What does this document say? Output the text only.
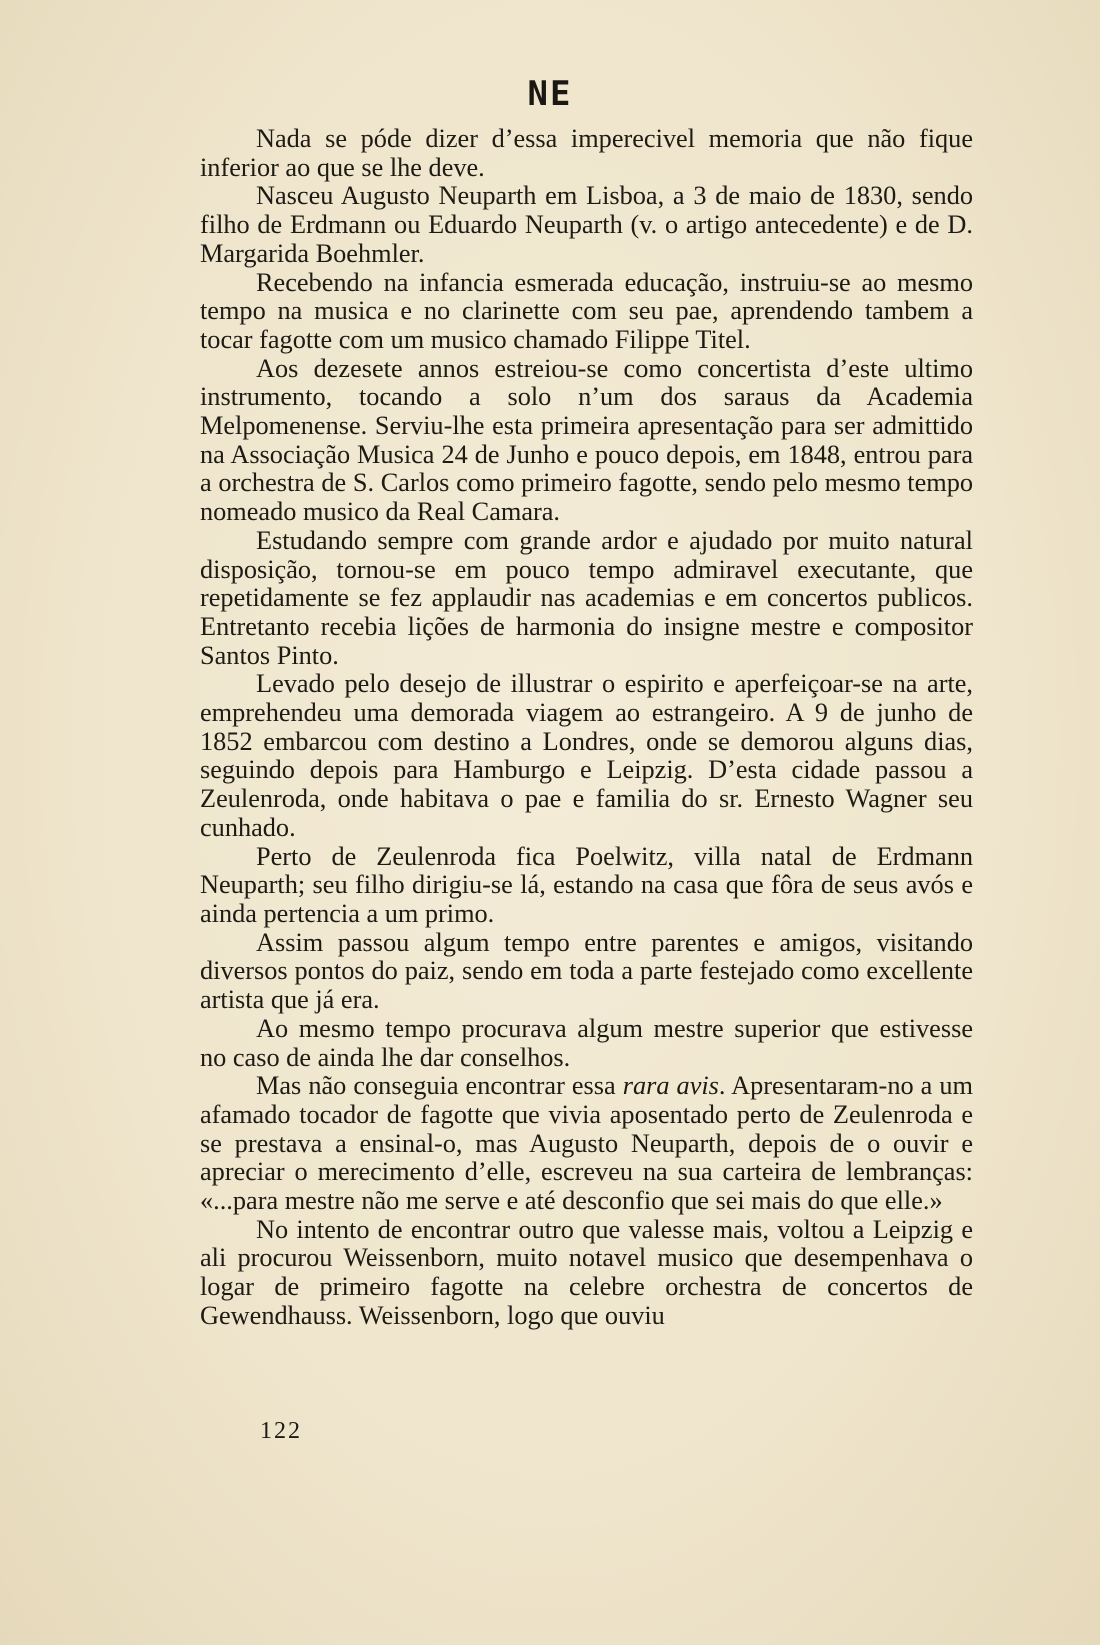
NE

Nada se póde dizer d’essa imperecivel memoria que não fique inferior ao que se lhe deve.

Nasceu Augusto Neuparth em Lisboa, a 3 de maio de 1830, sendo filho de Erdmann ou Eduardo Neuparth (v. o artigo antecedente) e de D. Margarida Boehmler.

Recebendo na infancia esmerada educação, instruiu-se ao mesmo tempo na musica e no clarinette com seu pae, aprendendo tambem a tocar fagotte com um musico chamado Filippe Titel.

Aos dezesete annos estreiou-se como concertista d’este ultimo instrumento, tocando a solo n’um dos saraus da Academia Melpomenense. Serviu-lhe esta primeira apresentação para ser admittido na Associação Musica 24 de Junho e pouco depois, em 1848, entrou para a orchestra de S. Carlos como primeiro fagotte, sendo pelo mesmo tempo nomeado musico da Real Camara.

Estudando sempre com grande ardor e ajudado por muito natural disposição, tornou-se em pouco tempo admiravel executante, que repetidamente se fez applaudir nas academias e em concertos publicos. Entretanto recebia lições de harmonia do insigne mestre e compositor Santos Pinto.

Levado pelo desejo de illustrar o espirito e aperfeiçoar-se na arte, emprehendeu uma demorada viagem ao estrangeiro. A 9 de junho de 1852 embarcou com destino a Londres, onde se demorou alguns dias, seguindo depois para Hamburgo e Leipzig. D’esta cidade passou a Zeulenroda, onde habitava o pae e familia do sr. Ernesto Wagner seu cunhado.

Perto de Zeulenroda fica Poelwitz, villa natal de Erdmann Neuparth; seu filho dirigiu-se lá, estando na casa que fôra de seus avós e ainda pertencia a um primo.

Assim passou algum tempo entre parentes e amigos, visitando diversos pontos do paiz, sendo em toda a parte festejado como excellente artista que já era.

Ao mesmo tempo procurava algum mestre superior que estivesse no caso de ainda lhe dar conselhos.

Mas não conseguia encontrar essa rara avis. Apresentaram-no a um afamado tocador de fagotte que vivia aposentado perto de Zeulenroda e se prestava a ensinal-o, mas Augusto Neuparth, depois de o ouvir e apreciar o merecimento d’elle, escreveu na sua carteira de lembranças: «...para mestre não me serve e até desconfio que sei mais do que elle.»

No intento de encontrar outro que valesse mais, voltou a Leipzig e ali procurou Weissenborn, muito notavel musico que desempenhava o logar de primeiro fagotte na celebre orchestra de concertos de Gewendhauss. Weissenborn, logo que ouviu

122
